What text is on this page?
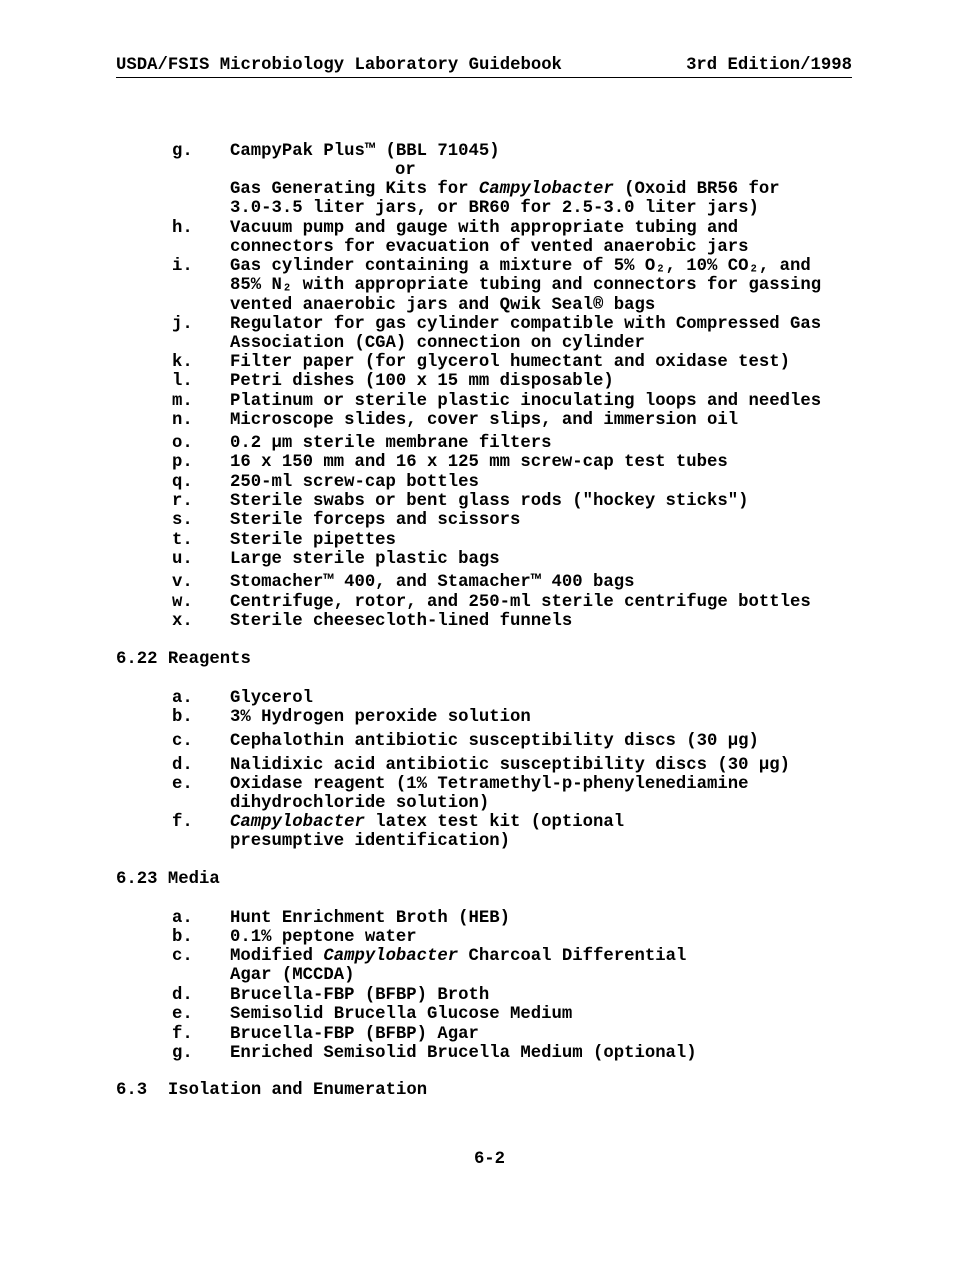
USDA/FSIS Microbiology Laboratory Guidebook	3rd Edition/1998
g.	CampyPak Plus™ (BBL 71045)
or
Gas Generating Kits for Campylobacter (Oxoid BR56 for
3.0-3.5 liter jars, or BR60 for 2.5-3.0 liter jars)
h.	Vacuum pump and gauge with appropriate tubing and
connectors for evacuation of vented anaerobic jars
i.	Gas cylinder containing a mixture of 5% O₂, 10% CO₂, and
85% N₂ with appropriate tubing and connectors for gassing
vented anaerobic jars and Qwik Seal® bags
j.	Regulator for gas cylinder compatible with Compressed Gas
Association (CGA) connection on cylinder
k.	Filter paper (for glycerol humectant and oxidase test)
l.	Petri dishes (100 x 15 mm disposable)
m.	Platinum or sterile plastic inoculating loops and needles
n.	Microscope slides, cover slips, and immersion oil
o.	0.2 μm sterile membrane filters
p.	16 x 150 mm and 16 x 125 mm screw-cap test tubes
q.	250-ml screw-cap bottles
r.	Sterile swabs or bent glass rods ("hockey sticks")
s.	Sterile forceps and scissors
t.	Sterile pipettes
u.	Large sterile plastic bags
v.	Stomacher™ 400, and Stamacher™ 400 bags
w.	Centrifuge, rotor, and 250-ml sterile centrifuge bottles
x.	Sterile cheesecloth-lined funnels
6.22 Reagents
a.	Glycerol
b.	3% Hydrogen peroxide solution
c.	Cephalothin antibiotic susceptibility discs (30 μg)
d.	Nalidixic acid antibiotic susceptibility discs (30 μg)
e.	Oxidase reagent (1% Tetramethyl-p-phenylenediamine
dihydrochloride solution)
f.	Campylobacter latex test kit (optional
presumptive identification)
6.23 Media
a.	Hunt Enrichment Broth (HEB)
b.	0.1% peptone water
c.	Modified Campylobacter Charcoal Differential
Agar (MCCDA)
d.	Brucella-FBP (BFBP) Broth
e.	Semisolid Brucella Glucose Medium
f.	Brucella-FBP (BFBP) Agar
g.	Enriched Semisolid Brucella Medium (optional)
6.3  Isolation and Enumeration
6-2
